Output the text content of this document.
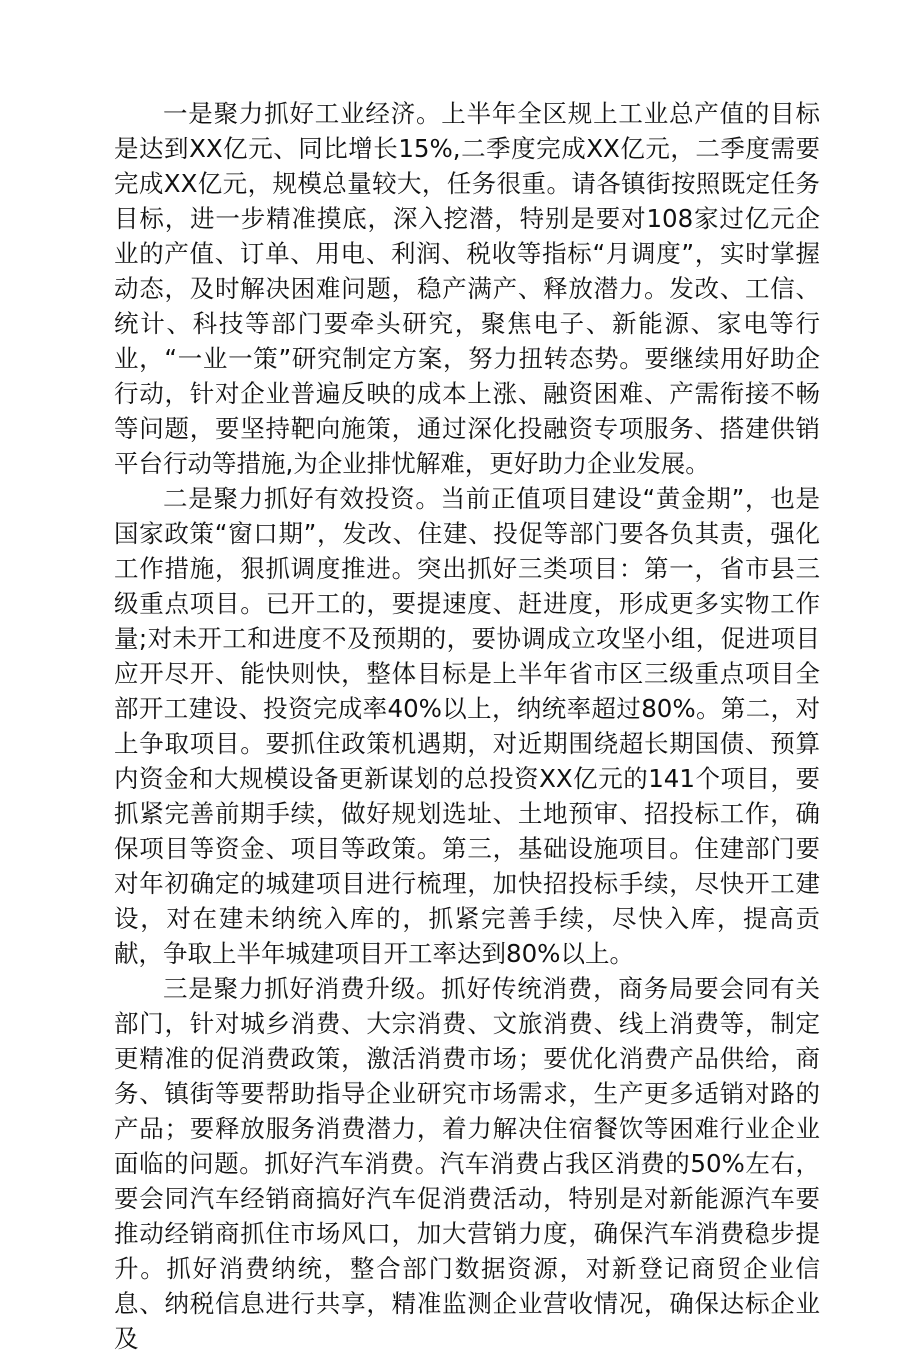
一是聚力抓好工业经济。上半年全区规上工业总产值的目标是达到XX亿元、同比增长15%,二季度完成XX亿元，二季度需要完成XX亿元，规模总量较大，任务很重。请各镇街按照既定任务目标，进一步精准摸底，深入挖潜，特别是要对108家过亿元企业的产值、订单、用电、利润、税收等指标“月调度”，实时掌握动态，及时解决困难问题，稳产满产、释放潜力。发改、工信、统计、科技等部门要牵头研究，聚焦电子、新能源、家电等行业，“一业一策”研究制定方案，努力扭转态势。要继续用好助企行动，针对企业普遍反映的成本上涨、融资困难、产需衔接不畅等问题，要坚持靶向施策，通过深化投融资专项服务、搭建供销平台行动等措施,为企业排忧解难，更好助力企业发展。

二是聚力抓好有效投资。当前正值项目建设“黄金期”，也是国家政策“窗口期”，发改、住建、投促等部门要各负其责，强化工作措施，狠抓调度推进。突出抓好三类项目：第一，省市县三级重点项目。已开工的，要提速度、赶进度，形成更多实物工作量;对未开工和进度不及预期的，要协调成立攻坚小组，促进项目应开尽开、能快则快，整体目标是上半年省市区三级重点项目全部开工建设、投资完成率40%以上，纳统率超过80%。第二，对上争取项目。要抓住政策机遇期，对近期围绕超长期国债、预算内资金和大规模设备更新谋划的总投资XX亿元的141个项目，要抓紧完善前期手续，做好规划选址、土地预审、招投标工作，确保项目等资金、项目等政策。第三，基础设施项目。住建部门要对年初确定的城建项目进行梳理，加快招投标手续，尽快开工建设，对在建未纳统入库的，抓紧完善手续，尽快入库，提高贡献，争取上半年城建项目开工率达到80%以上。

三是聚力抓好消费升级。抓好传统消费，商务局要会同有关部门，针对城乡消费、大宗消费、文旅消费、线上消费等，制定更精准的促消费政策，激活消费市场；要优化消费产品供给，商务、镇街等要帮助指导企业研究市场需求，生产更多适销对路的产品；要释放服务消费潜力，着力解决住宿餐饮等困难行业企业面临的问题。抓好汽车消费。汽车消费占我区消费的50%左右，要会同汽车经销商搞好汽车促消费活动，特别是对新能源汽车要推动经销商抓住市场风口，加大营销力度，确保汽车消费稳步提升。抓好消费纳统，整合部门数据资源，对新登记商贸企业信息、纳税信息进行共享，精准监测企业营收情况，确保达标企业及
